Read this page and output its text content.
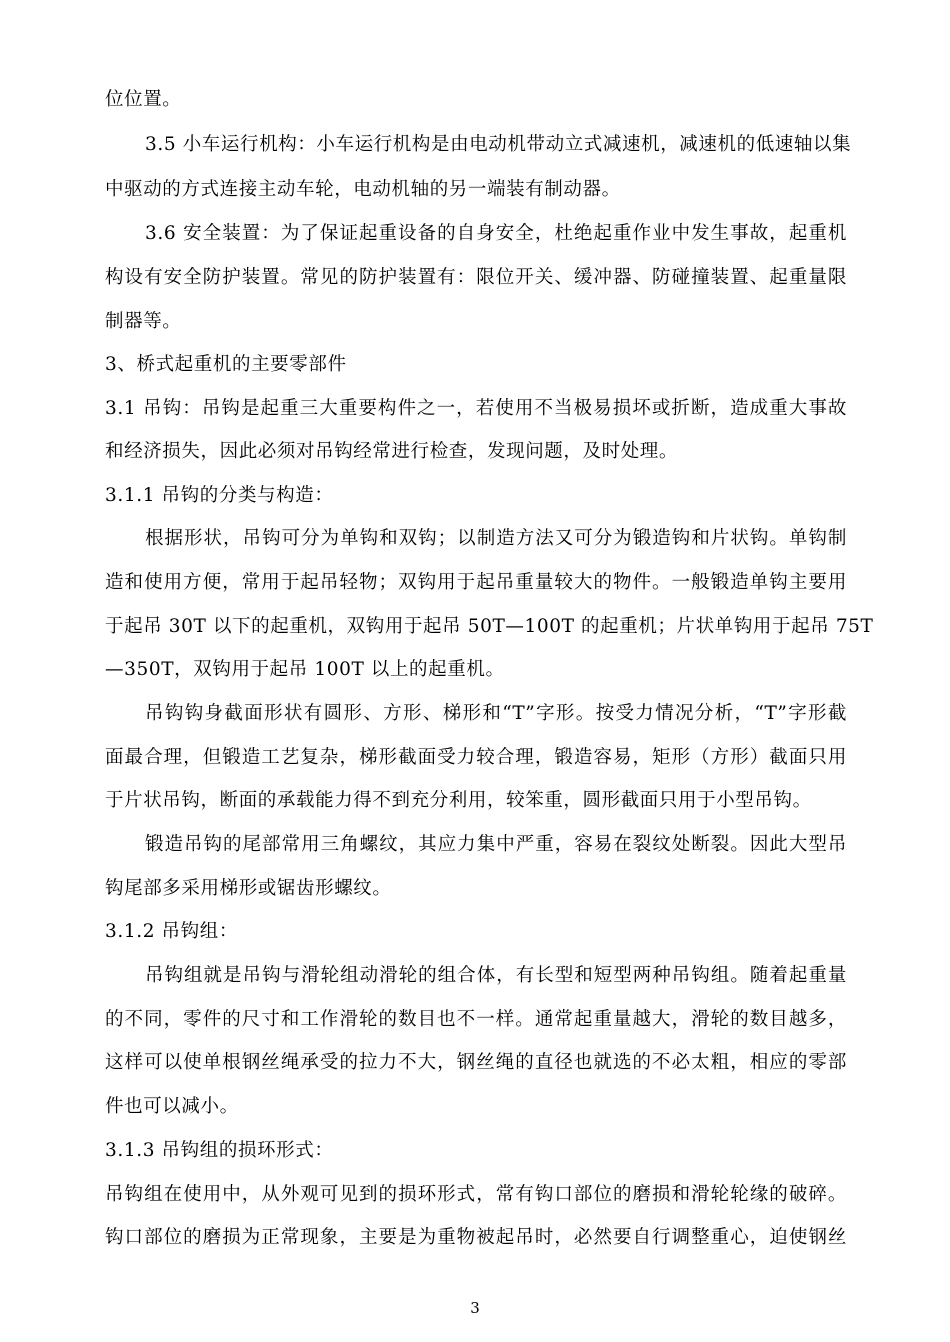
位位置。
3.5 小车运行机构：小车运行机构是由电动机带动立式减速机，减速机的低速轴以集
中驱动的方式连接主动车轮，电动机轴的另一端装有制动器。
3.6 安全装置：为了保证起重设备的自身安全，杜绝起重作业中发生事故，起重机
构设有安全防护装置。常见的防护装置有：限位开关、缓冲器、防碰撞装置、起重量限
制器等。
3、桥式起重机的主要零部件
3.1 吊钩：吊钩是起重三大重要构件之一，若使用不当极易损坏或折断，造成重大事故
和经济损失，因此必须对吊钩经常进行检查，发现问题，及时处理。
3.1.1 吊钩的分类与构造：
根据形状，吊钩可分为单钩和双钩；以制造方法又可分为锻造钩和片状钩。单钩制
造和使用方便，常用于起吊轻物；双钩用于起吊重量较大的物件。一般锻造单钩主要用
于起吊 30T 以下的起重机，双钩用于起吊 50T—100T 的起重机；片状单钩用于起吊 75T
—350T，双钩用于起吊 100T 以上的起重机。
吊钩钩身截面形状有圆形、方形、梯形和“T”字形。按受力情况分析，“T”字形截
面最合理，但锻造工艺复杂，梯形截面受力较合理，锻造容易，矩形（方形）截面只用
于片状吊钩，断面的承载能力得不到充分利用，较笨重，圆形截面只用于小型吊钩。
锻造吊钩的尾部常用三角螺纹，其应力集中严重，容易在裂纹处断裂。因此大型吊
钩尾部多采用梯形或锯齿形螺纹。
3.1.2 吊钩组：
吊钩组就是吊钩与滑轮组动滑轮的组合体，有长型和短型两种吊钩组。随着起重量
的不同，零件的尺寸和工作滑轮的数目也不一样。通常起重量越大，滑轮的数目越多，
这样可以使单根钢丝绳承受的拉力不大，钢丝绳的直径也就选的不必太粗，相应的零部
件也可以减小。
3.1.3 吊钩组的损环形式：
吊钩组在使用中，从外观可见到的损环形式，常有钩口部位的磨损和滑轮轮缘的破碎。
钩口部位的磨损为正常现象，主要是为重物被起吊时，必然要自行调整重心，迫使钢丝
3
